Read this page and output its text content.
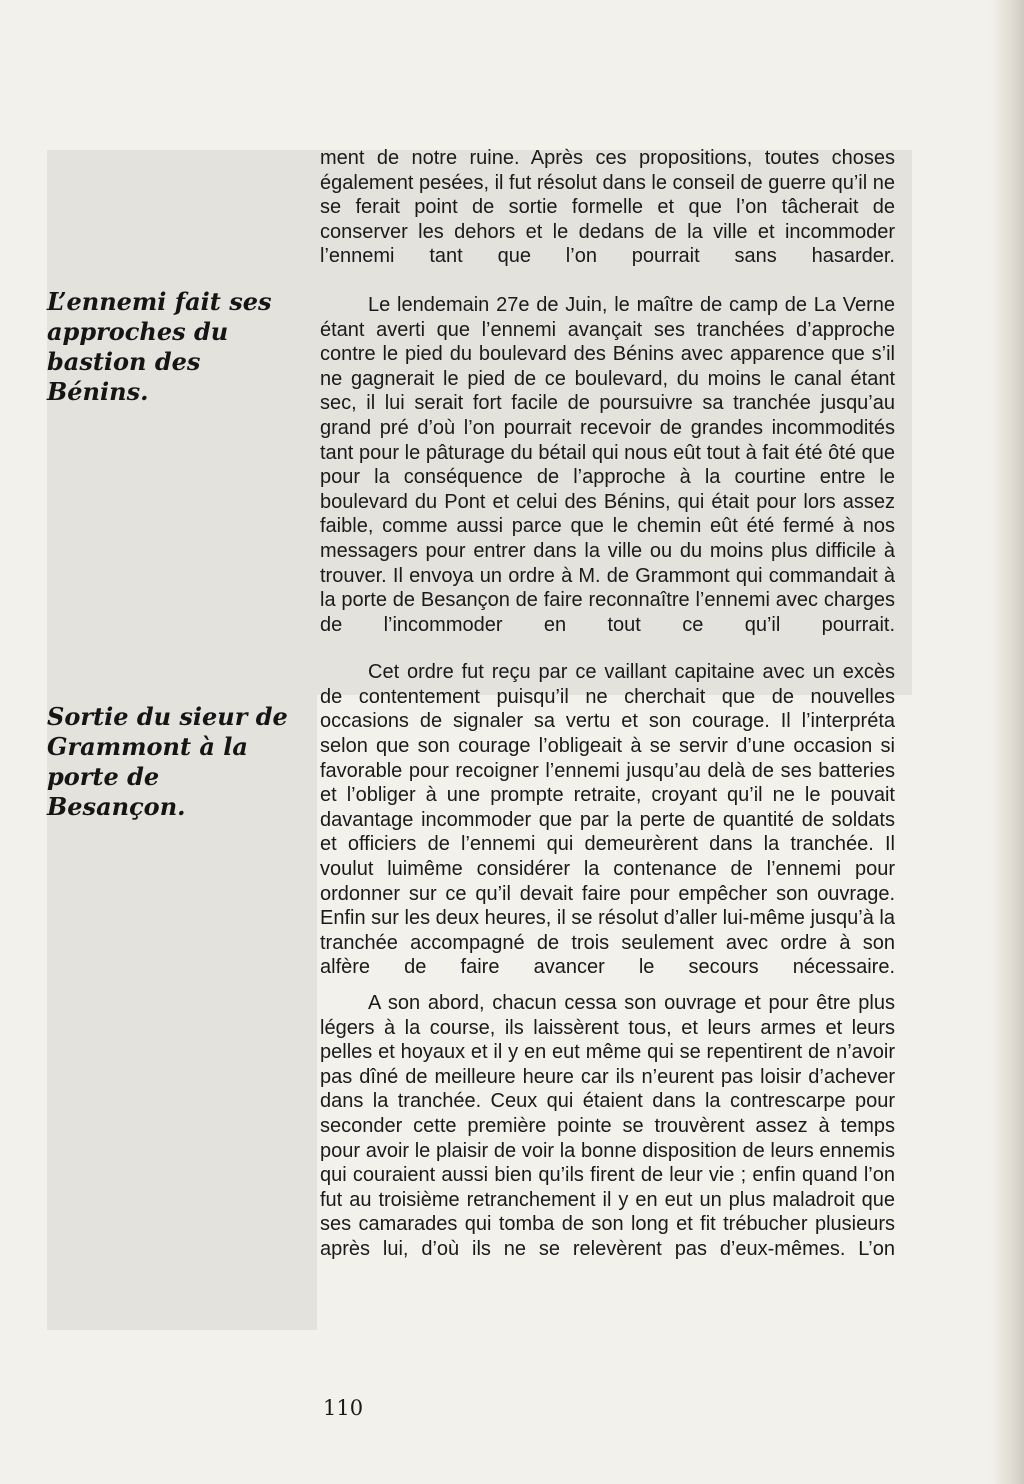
L’ennemi fait ses
approches du
bastion des
Bénins.
Sortie du sieur de
Grammont à la
porte de
Besançon.

ment de notre ruine. Après ces propositions, toutes choses également pesées, il fut résolut dans le conseil de guerre qu’il ne se ferait point de sortie formelle et que l’on tâcherait de conserver les dehors et le dedans de la ville et incommoder l’ennemi tant que l’on pourrait sans hasarder.

Le lendemain 27e de Juin, le maître de camp de La Verne étant averti que l’ennemi avançait ses tranchées d’approche contre le pied du boulevard des Bénins avec apparence que s’il ne gagnerait le pied de ce boulevard, du moins le canal étant sec, il lui serait fort facile de poursuivre sa tranchée jusqu’au grand pré d’où l’on pourrait recevoir de grandes incommodités tant pour le pâturage du bétail qui nous eût tout à fait été ôté que pour la conséquence de l’approche à la courtine entre le boulevard du Pont et celui des Bénins, qui était pour lors assez faible, comme aussi parce que le chemin eût été fermé à nos messagers pour entrer dans la ville ou du moins plus difficile à trouver. Il envoya un ordre à M. de Grammont qui commandait à la porte de Besançon de faire reconnaître l’ennemi avec charges de l’incommoder en tout ce qu’il pourrait.

Cet ordre fut reçu par ce vaillant capitaine avec un excès de contentement puisqu’il ne cherchait que de nouvelles occasions de signaler sa vertu et son courage. Il l’interpréta selon que son courage l’obligeait à se servir d’une occasion si favorable pour recoigner l’ennemi jusqu’au delà de ses batteries et l’obliger à une prompte retraite, croyant qu’il ne le pouvait davantage incommoder que par la perte de quantité de soldats et officiers de l’ennemi qui demeurèrent dans la tranchée. Il voulut luimême considérer la contenance de l’ennemi pour ordonner sur ce qu’il devait faire pour empêcher son ouvrage. Enfin sur les deux heures, il se résolut d’aller lui-même jusqu’à la tranchée accompagné de trois seulement avec ordre à son alfère de faire avancer le secours nécessaire.

A son abord, chacun cessa son ouvrage et pour être plus légers à la course, ils laissèrent tous, et leurs armes et leurs pelles et hoyaux et il y en eut même qui se repentirent de n’avoir pas dîné de meilleure heure car ils n’eurent pas loisir d’achever dans la tranchée. Ceux qui étaient dans la contrescarpe pour seconder cette première pointe se trouvèrent assez à temps pour avoir le plaisir de voir la bonne disposition de leurs ennemis qui couraient aussi bien qu’ils firent de leur vie ; enfin quand l’on fut au troisième retranchement il y en eut un plus maladroit que ses camarades qui tomba de son long et fit trébucher plusieurs après lui, d’où ils ne se relevèrent pas d’eux-mêmes. L’on

110
